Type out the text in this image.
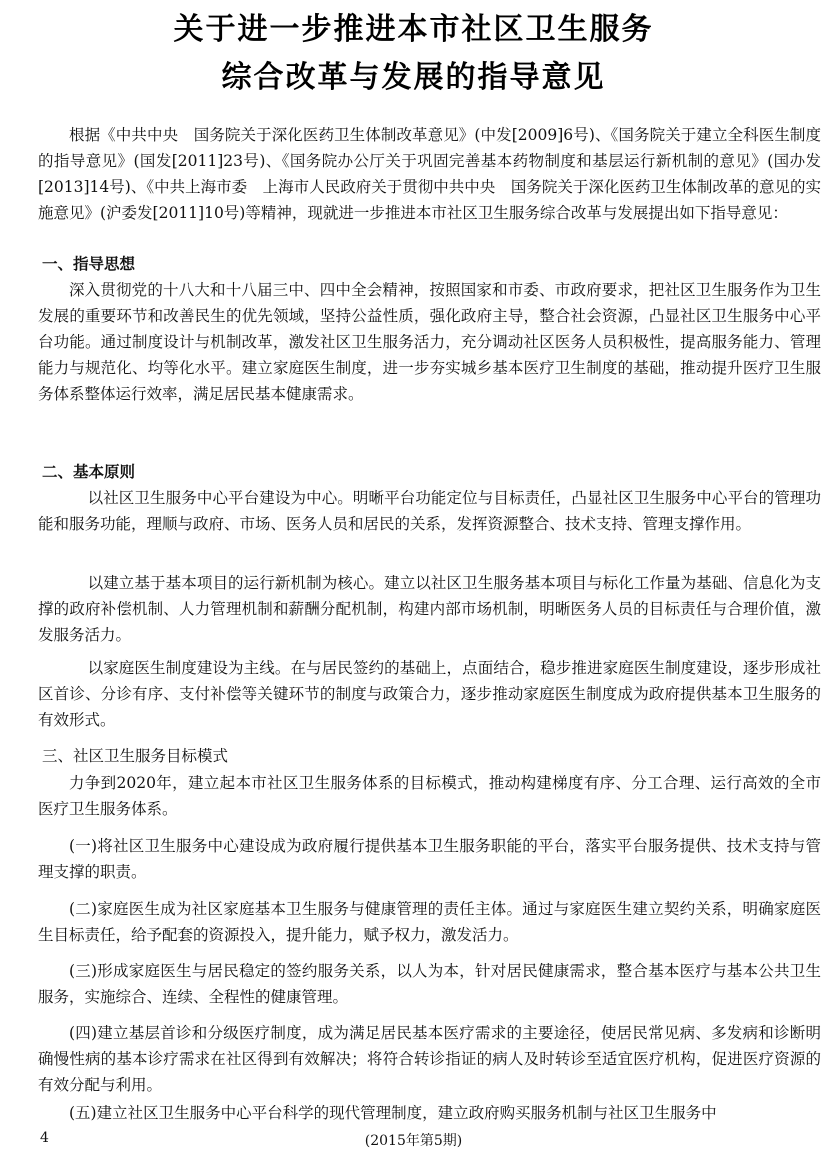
关于进一步推进本市社区卫生服务
综合改革与发展的指导意见
根据《中共中央　国务院关于深化医药卫生体制改革意见》(中发[2009]6号)、《国务院关于建立全科医生制度的指导意见》(国发[2011]23号)、《国务院办公厅关于巩固完善基本药物制度和基层运行新机制的意见》(国办发[2013]14号)、《中共上海市委　上海市人民政府关于贯彻中共中央　国务院关于深化医药卫生体制改革的意见的实施意见》(沪委发[2011]10号)等精神，现就进一步推进本市社区卫生服务综合改革与发展提出如下指导意见：
一、指导思想
深入贯彻党的十八大和十八届三中、四中全会精神，按照国家和市委、市政府要求，把社区卫生服务作为卫生发展的重要环节和改善民生的优先领域，坚持公益性质，强化政府主导，整合社会资源，凸显社区卫生服务中心平台功能。通过制度设计与机制改革，激发社区卫生服务活力，充分调动社区医务人员积极性，提高服务能力、管理能力与规范化、均等化水平。建立家庭医生制度，进一步夯实城乡基本医疗卫生制度的基础，推动提升医疗卫生服务体系整体运行效率，满足居民基本健康需求。
二、基本原则
以社区卫生服务中心平台建设为中心。明晰平台功能定位与目标责任，凸显社区卫生服务中心平台的管理功能和服务功能，理顺与政府、市场、医务人员和居民的关系，发挥资源整合、技术支持、管理支撑作用。
以建立基于基本项目的运行新机制为核心。建立以社区卫生服务基本项目与标化工作量为基础、信息化为支撑的政府补偿机制、人力管理机制和薪酬分配机制，构建内部市场机制，明晰医务人员的目标责任与合理价值，激发服务活力。
以家庭医生制度建设为主线。在与居民签约的基础上，点面结合，稳步推进家庭医生制度建设，逐步形成社区首诊、分诊有序、支付补偿等关键环节的制度与政策合力，逐步推动家庭医生制度成为政府提供基本卫生服务的有效形式。
三、社区卫生服务目标模式
力争到2020年，建立起本市社区卫生服务体系的目标模式，推动构建梯度有序、分工合理、运行高效的全市医疗卫生服务体系。
(一)将社区卫生服务中心建设成为政府履行提供基本卫生服务职能的平台，落实平台服务提供、技术支持与管理支撑的职责。
(二)家庭医生成为社区家庭基本卫生服务与健康管理的责任主体。通过与家庭医生建立契约关系，明确家庭医生目标责任，给予配套的资源投入，提升能力，赋予权力，激发活力。
(三)形成家庭医生与居民稳定的签约服务关系，以人为本，针对居民健康需求，整合基本医疗与基本公共卫生服务，实施综合、连续、全程性的健康管理。
(四)建立基层首诊和分级医疗制度，成为满足居民基本医疗需求的主要途径，使居民常见病、多发病和诊断明确慢性病的基本诊疗需求在社区得到有效解决；将符合转诊指证的病人及时转诊至适宜医疗机构，促进医疗资源的有效分配与利用。
(五)建立社区卫生服务中心平台科学的现代管理制度，建立政府购买服务机制与社区卫生服务中
4	(2015年第5期)
